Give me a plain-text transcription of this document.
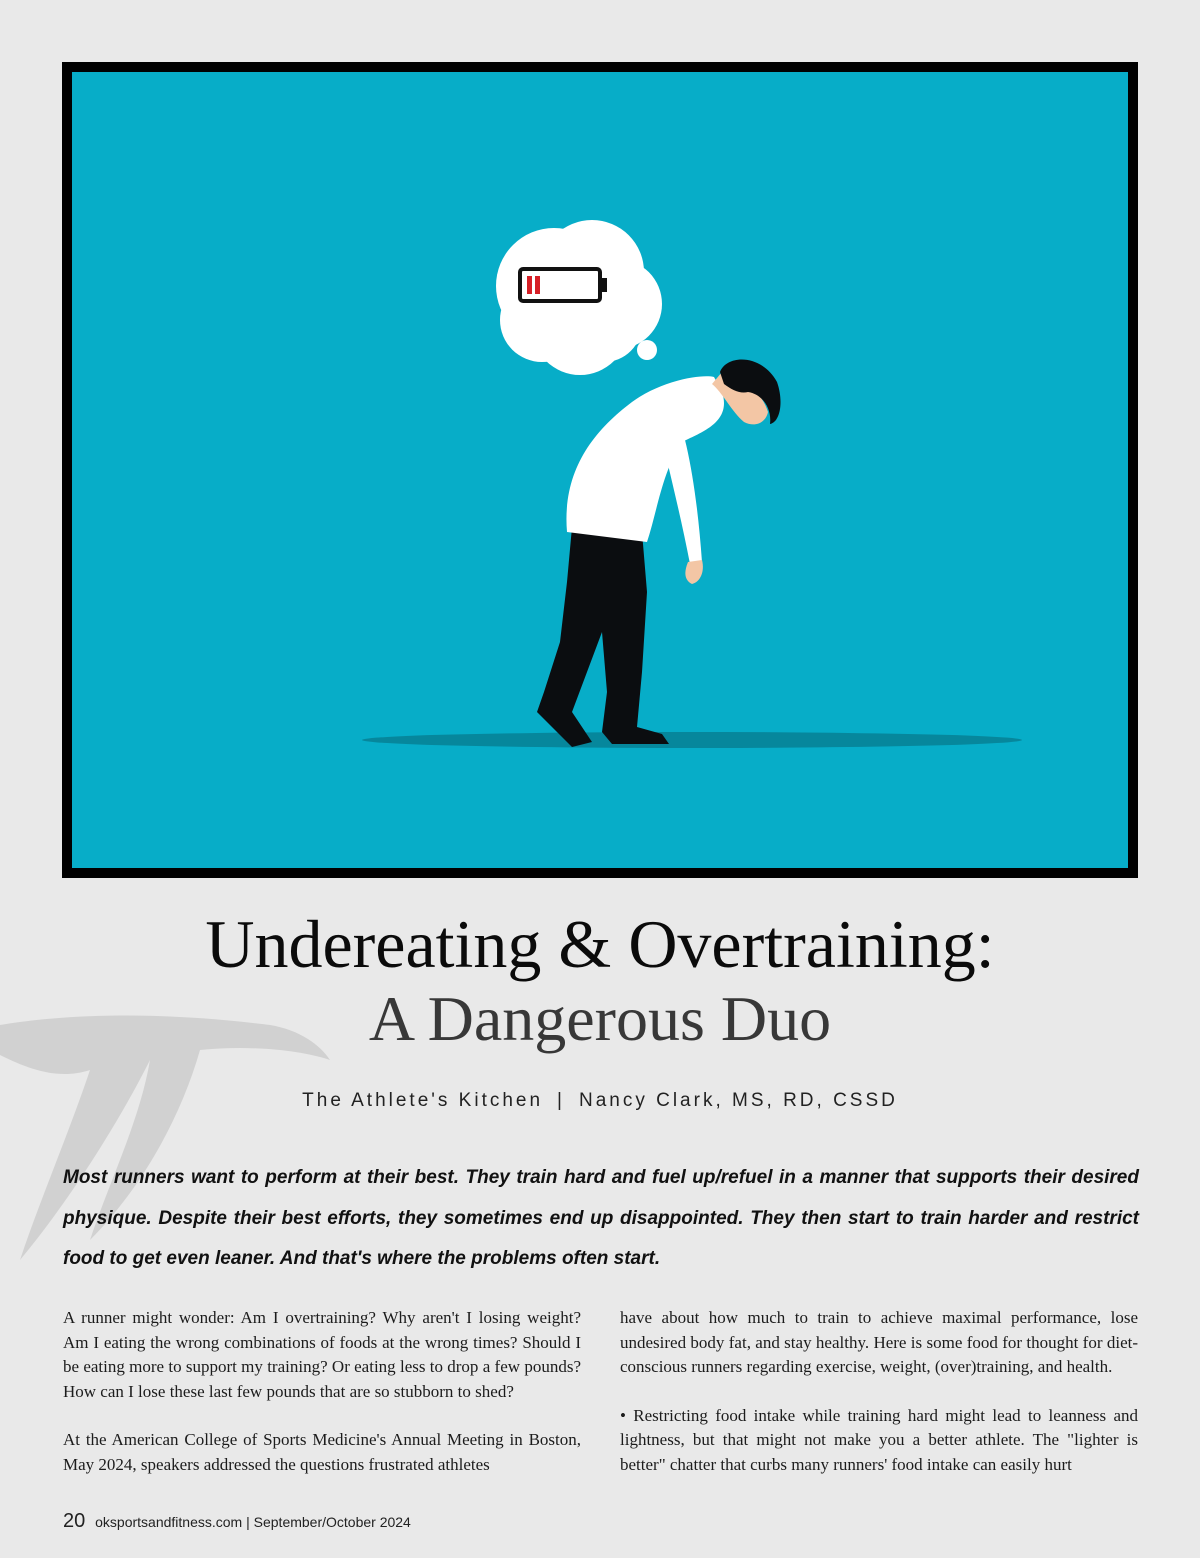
Undereating & Overtraining:
A Dangerous Duo
The Athlete's Kitchen | Nancy Clark, MS, RD, CSSD
Most runners want to perform at their best. They train hard and fuel up/refuel in a manner that supports their desired physique. Despite their best efforts, they sometimes end up disappointed. They then start to train harder and restrict food to get even leaner. And that's where the problems often start.

A runner might wonder: Am I overtraining? Why aren't I losing weight? Am I eating the wrong combinations of foods at the wrong times? Should I be eating more to support my training? Or eating less to drop a few pounds? How can I lose these last few pounds that are so stubborn to shed?

At the American College of Sports Medicine's Annual Meeting in Boston, May 2024, speakers addressed the questions frustrated athletes

have about how much to train to achieve maximal performance, lose undesired body fat, and stay healthy. Here is some food for thought for diet-conscious runners regarding exercise, weight, (over)training, and health.

• Restricting food intake while training hard might lead to leanness and lightness, but that might not make you a better athlete. The "lighter is better" chatter that curbs many runners' food intake can easily hurt

20 oksportsandfitness.com | September/October 2024
